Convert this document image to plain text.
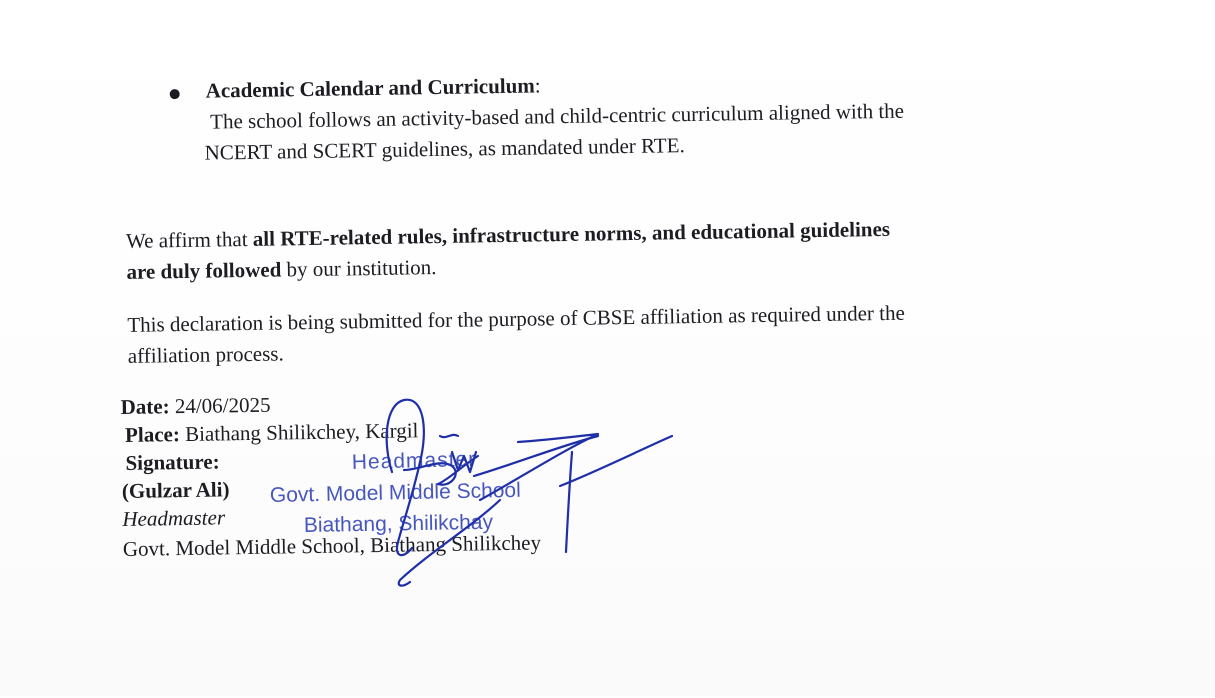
Academic Calendar and Curriculum:
The school follows an activity-based and child-centric curriculum aligned with the
NCERT and SCERT guidelines, as mandated under RTE.
We affirm that all RTE-related rules, infrastructure norms, and educational guidelines
are duly followed by our institution.
This declaration is being submitted for the purpose of CBSE affiliation as required under the
affiliation process.
Date: 24/06/2025
Place: Biathang Shilikchey, Kargil
Signature:
(Gulzar Ali)
Headmaster
Govt. Model Middle School, Biathang Shilikchey
Headmaster
Govt. Model Middle School
Biathang, Shilikchay
